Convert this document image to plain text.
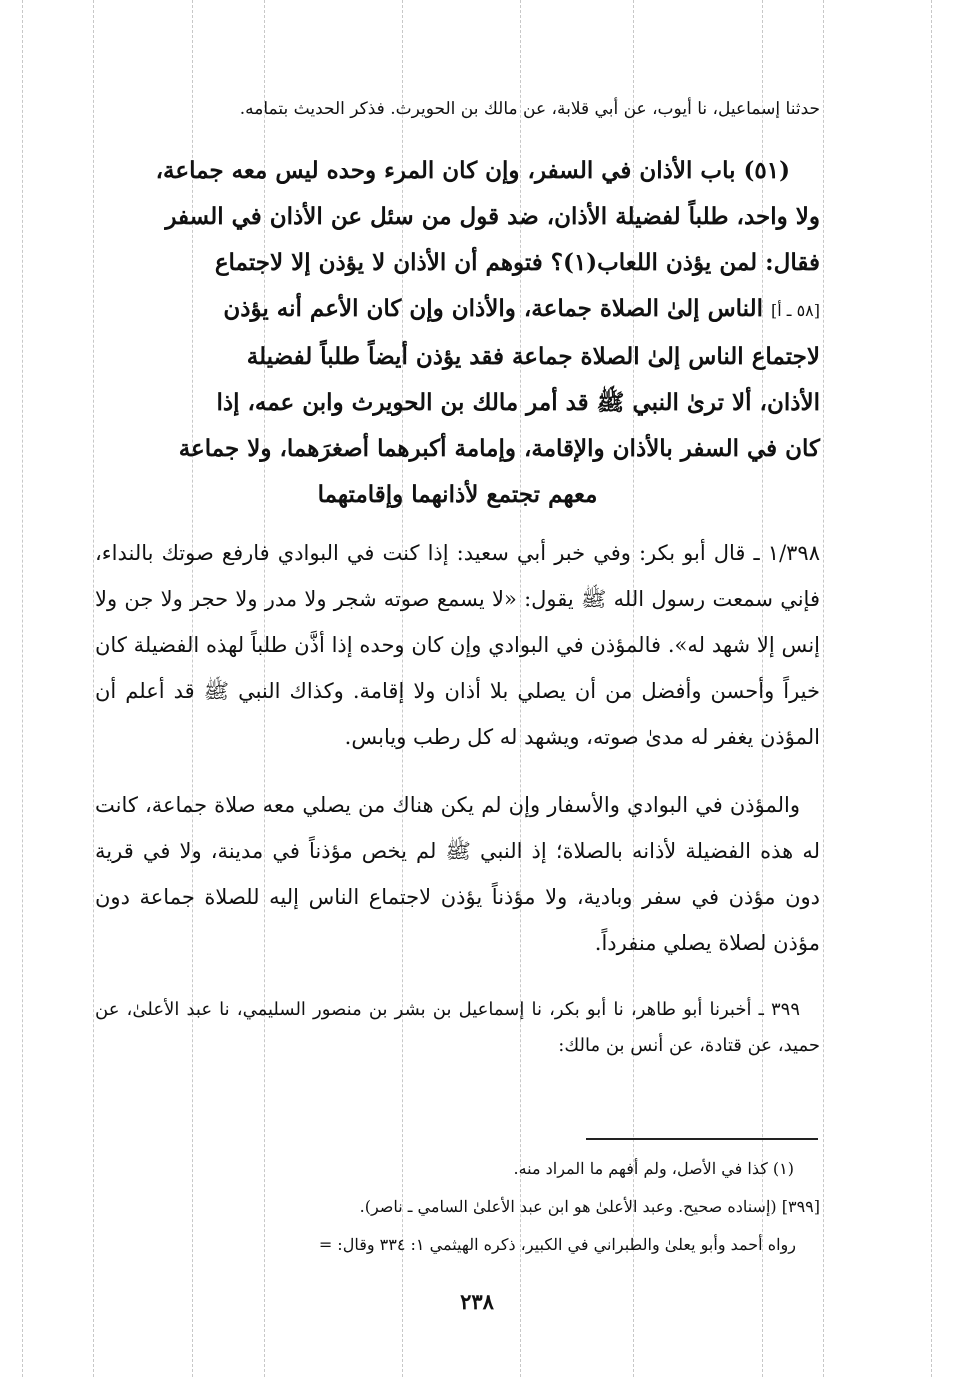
حدثنا إسماعيل، نا أيوب، عن أبي قلابة، عن مالك بن الحويرث. فذكر الحديث بتمامه.
(٥١) باب الأذان في السفر، وإن كان المرء وحده ليس معه جماعة،
ولا واحد، طلباً لفضيلة الأذان، ضد قول من سئل عن الأذان في السفر
فقال: لمن يؤذن اللعاب(١)؟ فتوهم أن الأذان لا يؤذن إلا لاجتماع
[٥٨ ـ أ] الناس إلىٰ الصلاة جماعة، والأذان وإن كان الأعم أنه يؤذن
لاجتماع الناس إلىٰ الصلاة جماعة فقد يؤذن أيضاً طلباً لفضيلة
الأذان، ألا ترىٰ النبي ﷺ قد أمر مالك بن الحويرث وابن عمه، إذا
كان في السفر بالأذان والإقامة، وإمامة أكبرهما أصغرَهما، ولا جماعة
معهم تجتمع لأذانهما وإقامتهما
١/٣٩٨ ـ قال أبو بكر: وفي خبر أبي سعيد: إذا كنت في البوادي فارفع صوتك بالنداء، فإني سمعت رسول الله ﷺ يقول: «لا يسمع صوته شجر ولا مدر ولا حجر ولا جن ولا إنس إلا شهد له». فالمؤذن في البوادي وإن كان وحده إذا أذَّن طلباً لهذه الفضيلة كان خيراً وأحسن وأفضل من أن يصلي بلا أذان ولا إقامة. وكذاك النبي ﷺ قد أعلم أن المؤذن يغفر له مدىٰ صوته، ويشهد له كل رطب ويابس.
والمؤذن في البوادي والأسفار وإن لم يكن هناك من يصلي معه صلاة جماعة، كانت له هذه الفضيلة لأذانه بالصلاة؛ إذ النبي ﷺ لم يخص مؤذناً في مدينة، ولا في قرية دون مؤذن في سفر وبادية، ولا مؤذناً يؤذن لاجتماع الناس إليه للصلاة جماعة دون مؤذن لصلاة يصلي منفرداً.
٣٩٩ ـ أخبرنا أبو طاهر، نا أبو بكر، نا إسماعيل بن بشر بن منصور السليمي، نا عبد الأعلىٰ، عن حميد، عن قتادة، عن أنس بن مالك:
(١) كذا في الأصل، ولم أفهم ما المراد منه.
[٣٩٩] (إسناده صحيح. وعبد الأعلىٰ هو ابن عبد الأعلىٰ السامي ـ ناصر).
رواه أحمد وأبو يعلىٰ والطبراني في الكبير، ذكره الهيثمي ١: ٣٣٤ وقال: =
٢٣٨
